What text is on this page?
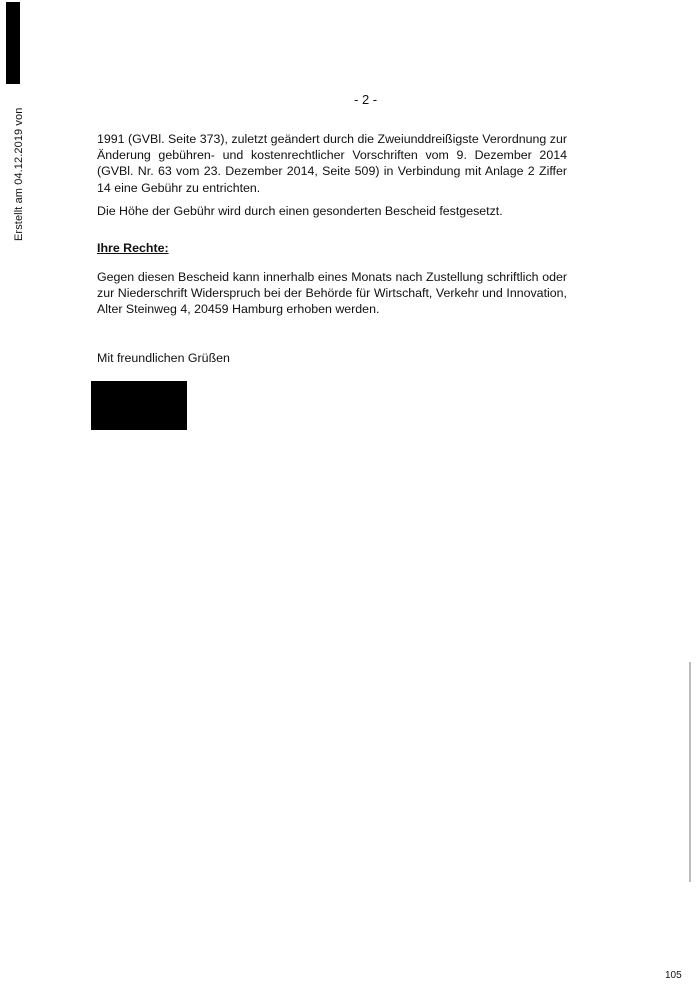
Erstellt am 04.12.2019 von
- 2 -
1991 (GVBl. Seite 373), zuletzt geändert durch die Zweiunddreißigste Verordnung zur Änderung gebühren- und kostenrechtlicher Vorschriften vom 9. Dezember 2014 (GVBl. Nr. 63 vom 23. Dezember 2014, Seite 509) in Verbindung mit Anlage 2 Ziffer 14 eine Gebühr zu entrichten.
Die Höhe der Gebühr wird durch einen gesonderten Bescheid festgesetzt.
Ihre Rechte:
Gegen diesen Bescheid kann innerhalb eines Monats nach Zustellung schriftlich oder zur Niederschrift Widerspruch bei der Behörde für Wirtschaft, Verkehr und Innovation, Alter Steinweg 4, 20459 Hamburg erhoben werden.
Mit freundlichen Grüßen
105
